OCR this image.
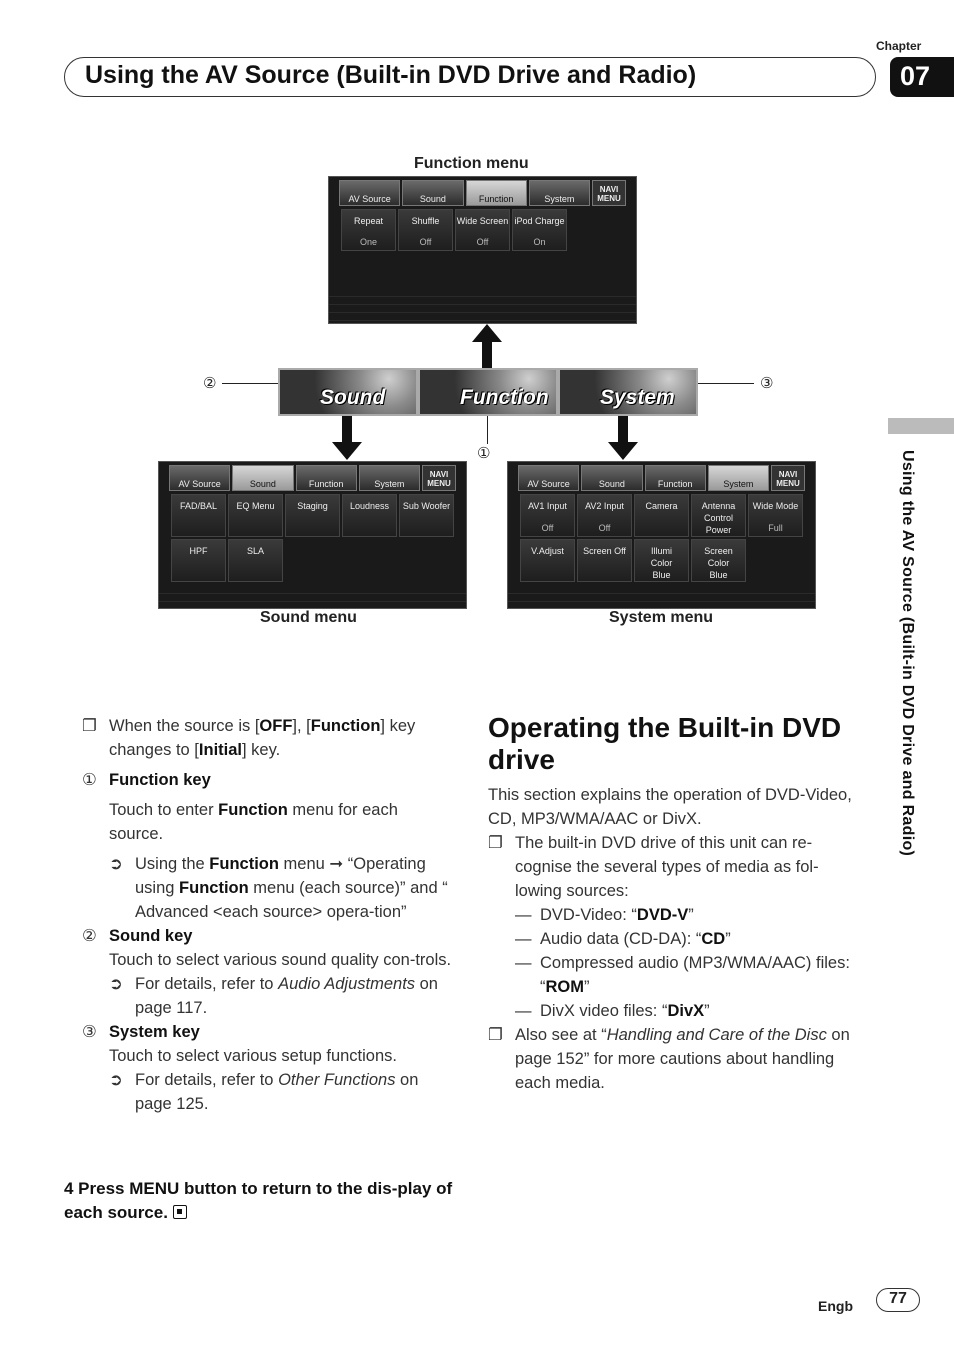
Chapter
07
Using the AV Source (Built-in DVD Drive and Radio)
Using the AV Source (Built-in DVD Drive and Radio)
Function menu
AV Source	Sound	Function	System
NAVI MENU
Repeat
One
Shuffle
Off
Wide Screen
Off
iPod Charge
On
②	③
①
Sound	Function	System
AV Source	Sound	Function	System
NAVI MENU
FAD/BAL	EQ Menu	Staging	Loudness	Sub Woofer
HPF	SLA
AV Source	Sound	Function	System
NAVI MENU
AV1 Input
Off
AV2 Input
Off
Camera	Antenna
Control
Power
Wide Mode
Full
V.Adjust	Screen Off	Illumi
Color
Blue
Screen
Color
Blue
Sound menu	System menu
❐ When the source is [OFF], [Function] key changes to [Initial] key.
① Function key
Touch to enter Function menu for each source.
➲ Using the Function menu ➞ “Operating using Function menu (each source)” and “ Advanced <each source> opera-tion”
② Sound key
Touch to select various sound quality con-trols.
➲ For details, refer to Audio Adjustments on page 117.
③ System key
Touch to select various setup functions.
➲ For details, refer to Other Functions on page 125.
4 Press MENU button to return to the dis-play of each source.
Operating the Built-in DVD drive
This section explains the operation of DVD-Video, CD, MP3/WMA/AAC or DivX.
❐ The built-in DVD drive of this unit can re-cognise the several types of media as fol-lowing sources:
— DVD-Video: “DVD-V”
— Audio data (CD-DA): “CD”
— Compressed audio (MP3/WMA/AAC) files: “ROM”
— DivX video files: “DivX”
❐ Also see at “Handling and Care of the Disc on page 152” for more cautions about handling each media.
Engb	77
